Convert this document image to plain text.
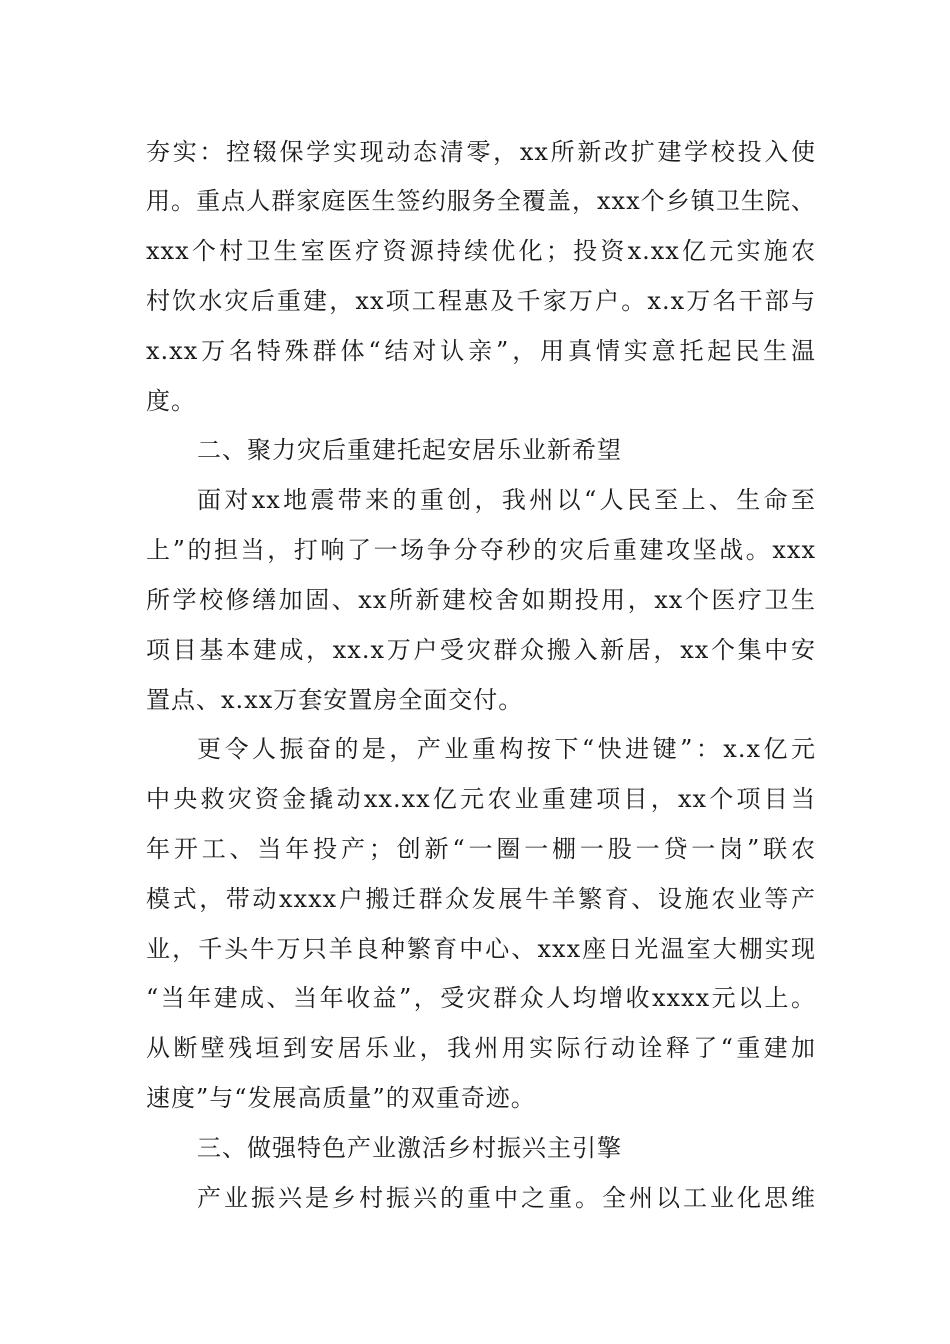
夯实：控辍保学实现动态清零，xx所新改扩建学校投入使
用。重点人群家庭医生签约服务全覆盖，xxx个乡镇卫生院、
xxx个村卫生室医疗资源持续优化；投资x.xx亿元实施农
村饮水灾后重建，xx项工程惠及千家万户。x.x万名干部与
x.xx万名特殊群体“结对认亲”，用真情实意托起民生温
度。
二、聚力灾后重建托起安居乐业新希望
面对xx地震带来的重创，我州以“人民至上、生命至
上”的担当，打响了一场争分夺秒的灾后重建攻坚战。xxx
所学校修缮加固、xx所新建校舍如期投用，xx个医疗卫生
项目基本建成，xx.x万户受灾群众搬入新居，xx个集中安
置点、x.xx万套安置房全面交付。
更令人振奋的是，产业重构按下“快进键”：x.x亿元
中央救灾资金撬动xx.xx亿元农业重建项目，xx个项目当
年开工、当年投产；创新“一圈一棚一股一贷一岗”联农
模式，带动xxxx户搬迁群众发展牛羊繁育、设施农业等产
业，千头牛万只羊良种繁育中心、xxx座日光温室大棚实现
“当年建成、当年收益”，受灾群众人均增收xxxx元以上。
从断壁残垣到安居乐业，我州用实际行动诠释了“重建加
速度”与“发展高质量”的双重奇迹。
三、做强特色产业激活乡村振兴主引擎
产业振兴是乡村振兴的重中之重。全州以工业化思维
